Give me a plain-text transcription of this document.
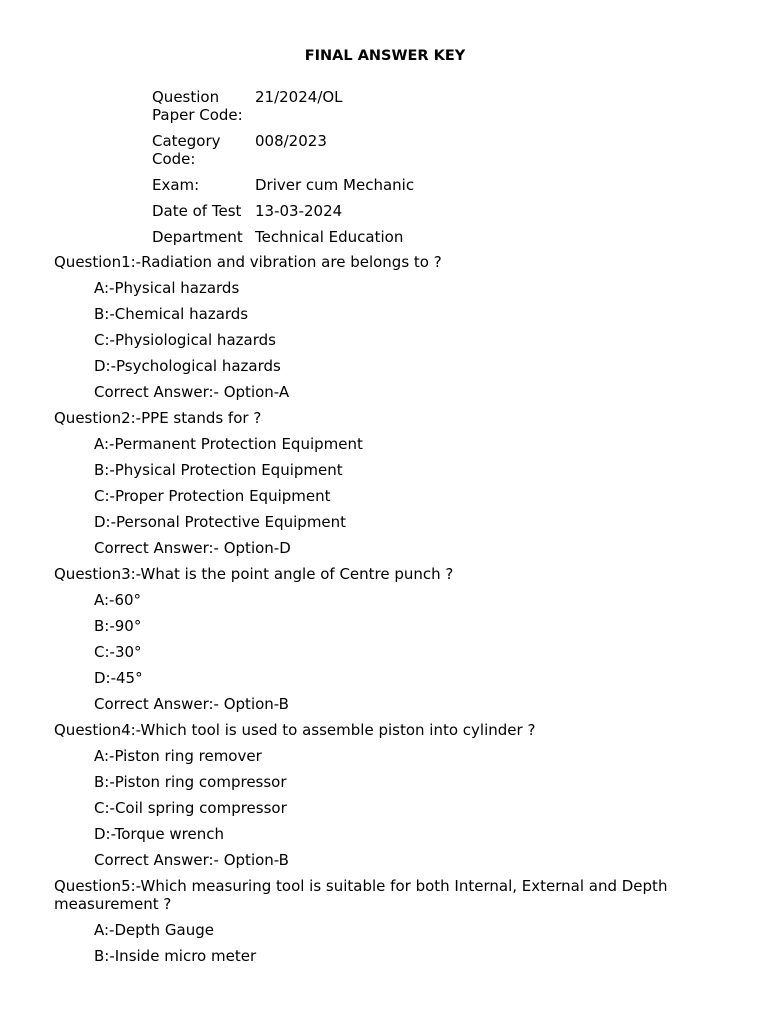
FINAL ANSWER KEY
Question Paper Code:	21/2024/OL
Category Code:	008/2023
Exam:	Driver cum Mechanic
Date of Test	13-03-2024
Department	Technical Education
Question1:-Radiation and vibration are belongs to ?
A:-Physical hazards
B:-Chemical hazards
C:-Physiological hazards
D:-Psychological hazards
Correct Answer:- Option-A
Question2:-PPE stands for ?
A:-Permanent Protection Equipment
B:-Physical Protection Equipment
C:-Proper Protection Equipment
D:-Personal Protective Equipment
Correct Answer:- Option-D
Question3:-What is the point angle of Centre punch ?
A:-60°
B:-90°
C:-30°
D:-45°
Correct Answer:- Option-B
Question4:-Which tool is used to assemble piston into cylinder ?
A:-Piston ring remover
B:-Piston ring compressor
C:-Coil spring compressor
D:-Torque wrench
Correct Answer:- Option-B
Question5:-Which measuring tool is suitable for both Internal, External and Depth measurement ?
A:-Depth Gauge
B:-Inside micro meter
